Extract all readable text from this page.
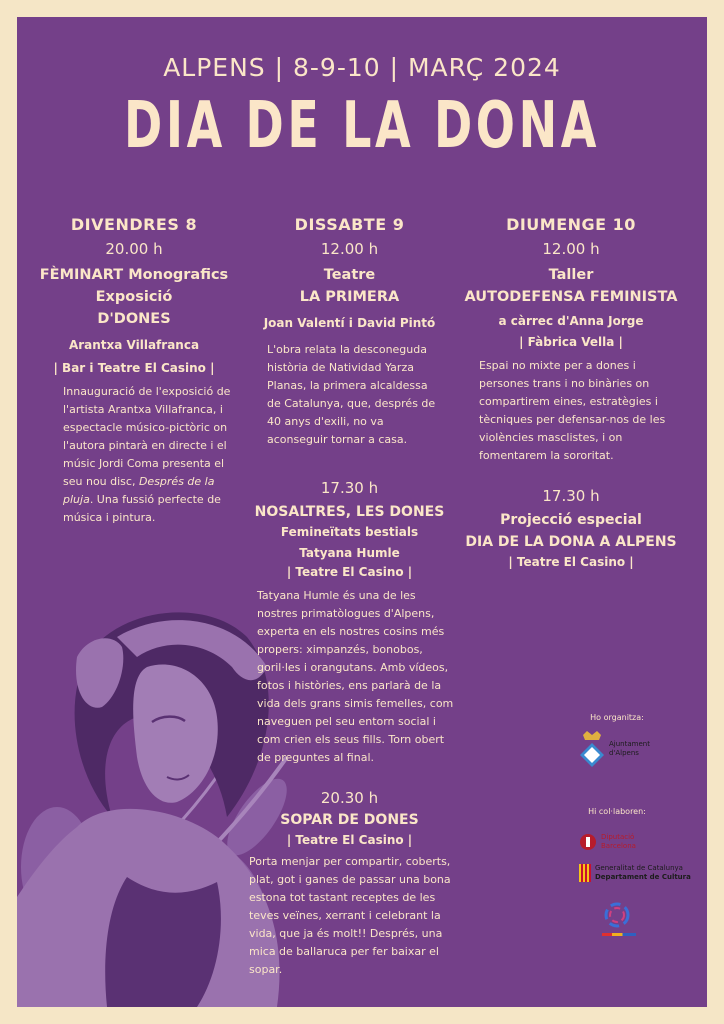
ALPENS | 8-9-10 | MARÇ 2024
DIA DE LA DONA
DIVENDRES 8
20.00 h
FÈMINART Monografics
Exposició
D'DONES
Arantxa Villafranca
| Bar i Teatre El Casino |
Innauguració de l'exposició de l'artista Arantxa Villafranca, i espectacle músico-pictòric on l'autora pintarà en directe i el músic Jordi Coma presenta el seu nou disc, Després de la pluja. Una fussió perfecte de música i pintura.
DISSABTE 9
12.00 h
Teatre
LA PRIMERA
Joan Valentí i David Pintó
L'obra relata la desconeguda història de Natividad Yarza Planas, la primera alcaldessa de Catalunya, que, després de 40 anys d'exili, no va aconseguir tornar a casa.
17.30 h
NOSALTRES, LES DONES
Femineïtats bestials
Tatyana Humle
| Teatre El Casino |
Tatyana Humle és una de les nostres primatòlogues d'Alpens, experta en els nostres cosins més propers: ximpanzés, bonobos, goril·les i orangutans. Amb vídeos, fotos i històries, ens parlarà de la vida dels grans simis femelles, com naveguen pel seu entorn social i com crien els seus fills. Torn obert de preguntes al final.
20.30 h
SOPAR DE DONES
| Teatre El Casino |
Porta menjar per compartir, coberts, plat, got i ganes de passar una bona estona tot tastant receptes de les teves veïnes, xerrant i celebrant la vida, que ja és molt!! Després, una mica de ballaruca per fer baixar el sopar.
DIUMENGE 10
12.00 h
Taller
AUTODEFENSA FEMINISTA
a càrrec d'Anna Jorge
| Fàbrica Vella |
Espai no mixte per a dones i persones trans i no binàries on compartirem eines, estratègies i tècniques per defensar-nos de les violències masclistes, i on fomentarem la sororitat.
17.30 h
Projecció especial
DIA DE LA DONA A ALPENS
| Teatre El Casino |
Ho organitza:
Ajuntament
d'Alpens
Hi col·laboren:
Diputació
Barcelona
Generalitat de Catalunya
Departament de Cultura
